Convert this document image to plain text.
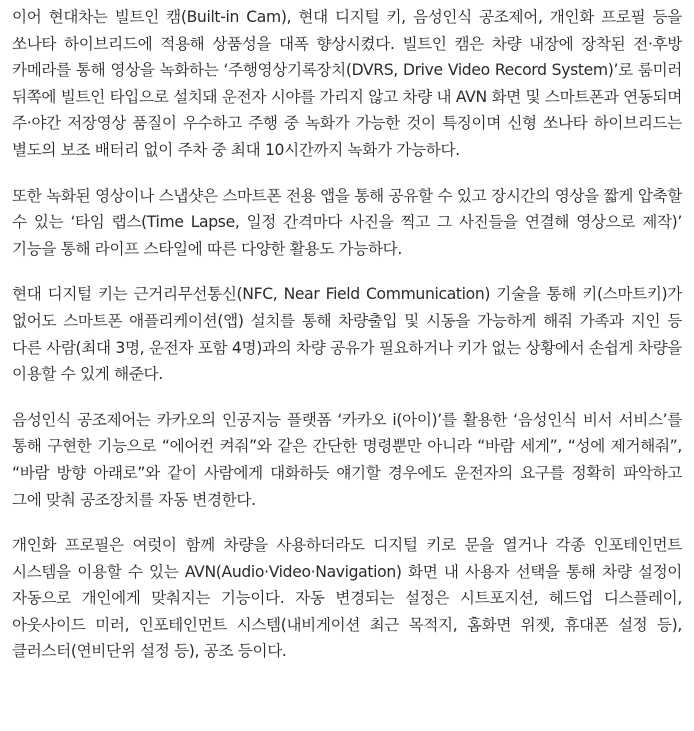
이어 현대차는 빌트인 캠(Built-in Cam), 현대 디지털 키, 음성인식 공조제어, 개인화 프로필 등을 쏘나타 하이브리드에 적용해 상품성을 대폭 향상시켰다. 빌트인 캠은 차량 내장에 장착된 전·후방 카메라를 통해 영상을 녹화하는 ‘주행영상기록장치(DVRS, Drive Video Record System)’로 룸미러 뒤쪽에 빌트인 타입으로 설치돼 운전자 시야를 가리지 않고 차량 내 AVN 화면 및 스마트폰과 연동되며 주·야간 저장영상 품질이 우수하고 주행 중 녹화가 가능한 것이 특징이며 신형 쏘나타 하이브리드는 별도의 보조 배터리 없이 주차 중 최대 10시간까지 녹화가 가능하다.

또한 녹화된 영상이나 스냅샷은 스마트폰 전용 앱을 통해 공유할 수 있고 장시간의 영상을 짧게 압축할 수 있는 ‘타임 랩스(Time Lapse, 일정 간격마다 사진을 찍고 그 사진들을 연결해 영상으로 제작)’ 기능을 통해 라이프 스타일에 따른 다양한 활용도 가능하다.

현대 디지털 키는 근거리무선통신(NFC, Near Field Communication) 기술을 통해 키(스마트키)가 없어도 스마트폰 애플리케이션(앱) 설치를 통해 차량출입 및 시동을 가능하게 해줘 가족과 지인 등 다른 사람(최대 3명, 운전자 포함 4명)과의 차량 공유가 필요하거나 키가 없는 상황에서 손쉽게 차량을 이용할 수 있게 해준다.

음성인식 공조제어는 카카오의 인공지능 플랫폼 ‘카카오 i(아이)’를 활용한 ‘음성인식 비서 서비스’를 통해 구현한 기능으로 “에어컨 켜줘”와 같은 간단한 명령뿐만 아니라 “바람 세게”, “성에 제거해줘”, “바람 방향 아래로”와 같이 사람에게 대화하듯 얘기할 경우에도 운전자의 요구를 정확히 파악하고 그에 맞춰 공조장치를 자동 변경한다.

개인화 프로필은 여럿이 함께 차량을 사용하더라도 디지털 키로 문을 열거나 각종 인포테인먼트 시스템을 이용할 수 있는 AVN(Audio·Video·Navigation) 화면 내 사용자 선택을 통해 차량 설정이 자동으로 개인에게 맞춰지는 기능이다. 자동 변경되는 설정은 시트포지션, 헤드업 디스플레이, 아웃사이드 미러, 인포테인먼트 시스템(내비게이션 최근 목적지, 홈화면 위젯, 휴대폰 설정 등), 클러스터(연비단위 설정 등), 공조 등이다.
